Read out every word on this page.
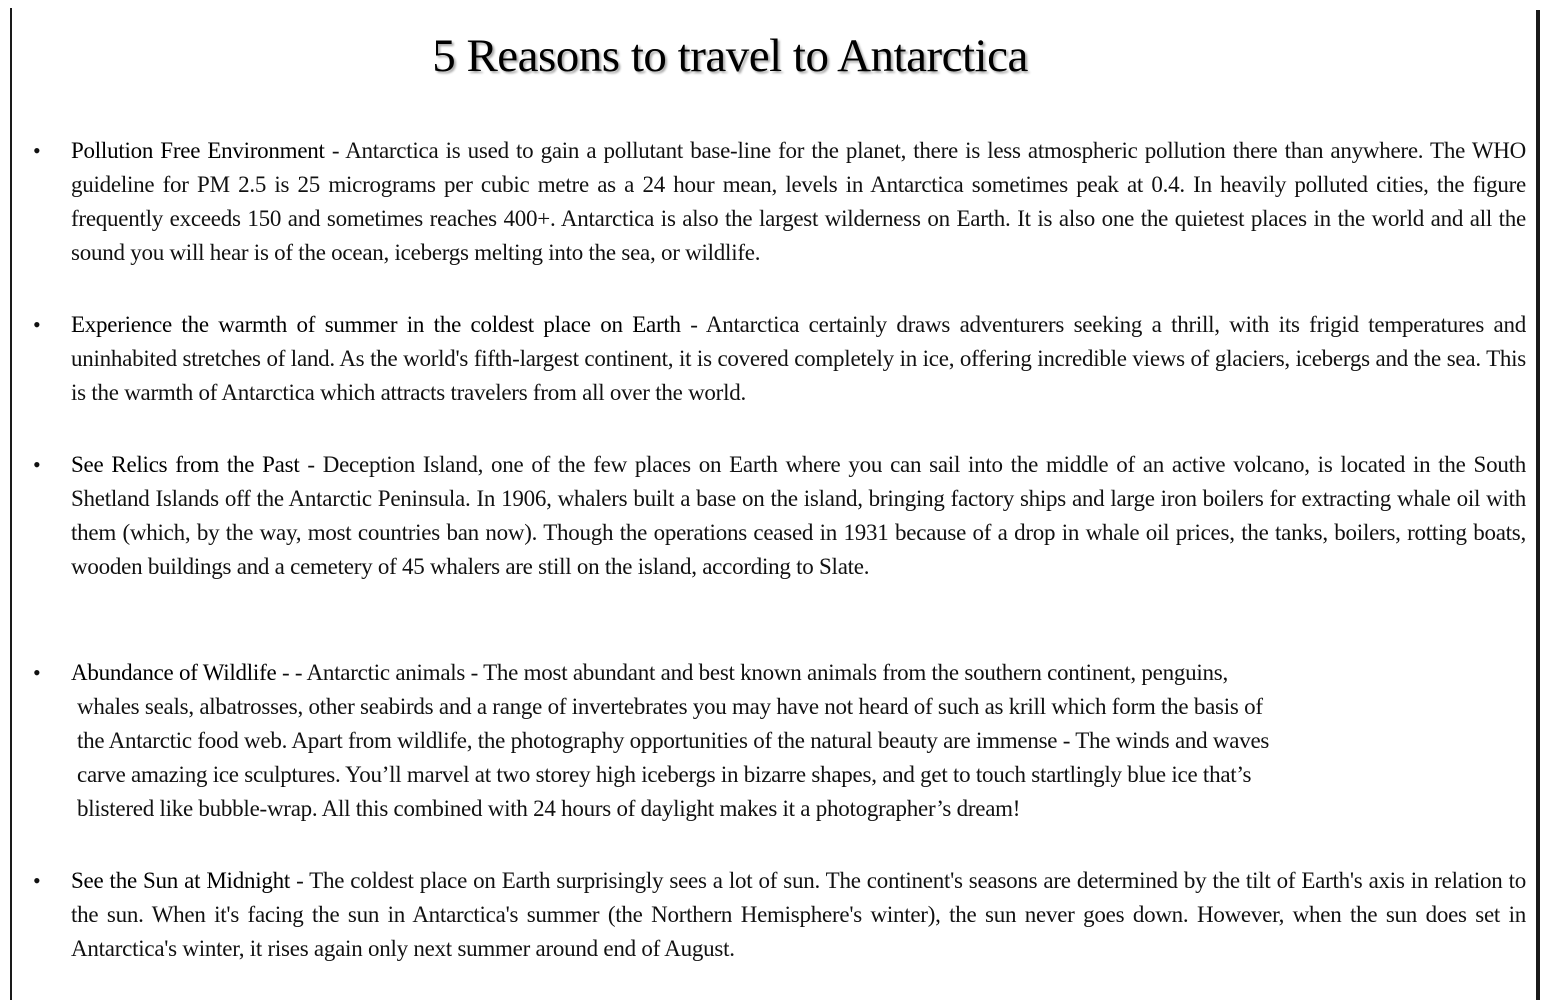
5 Reasons to travel to Antarctica
• Pollution Free Environment - Antarctica is used to gain a pollutant base-line for the planet, there is less atmospheric pollution there than anywhere. The WHO guideline for PM 2.5 is 25 micrograms per cubic metre as a 24 hour mean, levels in Antarctica sometimes peak at 0.4. In heavily polluted cities, the figure frequently exceeds 150 and sometimes reaches 400+. Antarctica is also the largest wilderness on Earth. It is also one the quietest places in the world and all the sound you will hear is of the ocean, icebergs melting into the sea, or wildlife.
• Experience the warmth of summer in the coldest place on Earth - Antarctica certainly draws adventurers seeking a thrill, with its frigid temperatures and uninhabited stretches of land. As the world's fifth-largest continent, it is covered completely in ice, offering incredible views of glaciers, icebergs and the sea. This is the warmth of Antarctica which attracts travelers from all over the world.
• See Relics from the Past - Deception Island, one of the few places on Earth where you can sail into the middle of an active volcano, is located in the South Shetland Islands off the Antarctic Peninsula. In 1906, whalers built a base on the island, bringing factory ships and large iron boilers for extracting whale oil with them (which, by the way, most countries ban now). Though the operations ceased in 1931 because of a drop in whale oil prices, the tanks, boilers, rotting boats, wooden buildings and a cemetery of 45 whalers are still on the island, according to Slate.
• Abundance of Wildlife - - Antarctic animals - The most abundant and best known animals from the southern continent, penguins,
whales seals, albatrosses, other seabirds and a range of invertebrates you may have not heard of such as krill which form the basis of
the Antarctic food web. Apart from wildlife, the photography opportunities of the natural beauty are immense - The winds and waves
carve amazing ice sculptures. You’ll marvel at two storey high icebergs in bizarre shapes, and get to touch startlingly blue ice that’s
blistered like bubble-wrap. All this combined with 24 hours of daylight makes it a photographer’s dream!
• See the Sun at Midnight - The coldest place on Earth surprisingly sees a lot of sun. The continent's seasons are determined by the tilt of Earth's axis in relation to the sun. When it's facing the sun in Antarctica's summer (the Northern Hemisphere's winter), the sun never goes down. However, when the sun does set in Antarctica's winter, it rises again only next summer around end of August.
